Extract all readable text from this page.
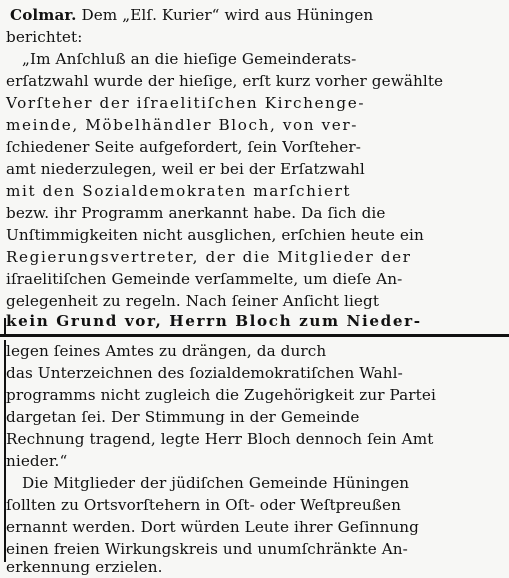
Colmar. Dem „Elſ. Kurier“ wird aus Hüningen
berichtet:
„Im Anſchluß an die hieſige Gemeinderats-
erſatzwahl wurde der hieſige, erſt kurz vorher gewählte
Vorſteher der iſraelitiſchen Kirchenge-
meinde, Möbelhändler Bloch, von ver-
ſchiedener Seite aufgefordert, ſein Vorſteher-
amt niederzulegen, weil er bei der Erſatzwahl
mit den Sozialdemokraten marſchiert
bezw. ihr Programm anerkannt habe. Da ſich die
Unſtimmigkeiten nicht ausglichen, erſchien heute ein
Regierungsvertreter, der die Mitglieder der
iſraelitiſchen Gemeinde verſammelte, um dieſe An-
gelegenheit zu regeln. Nach ſeiner Anſicht liegt
kein Grund vor, Herrn Bloch zum Nieder-
legen ſeines Amtes zu drängen, da durch
das Unterzeichnen des ſozialdemokratiſchen Wahl-
programms nicht zugleich die Zugehörigkeit zur Partei
dargetan ſei. Der Stimmung in der Gemeinde
Rechnung tragend, legte Herr Bloch dennoch ſein Amt
nieder.“
Die Mitglieder der jüdiſchen Gemeinde Hüningen
ſollten zu Ortsvorſtehern in Oſt- oder Weſtpreußen
ernannt werden. Dort würden Leute ihrer Geſinnung
einen freien Wirkungskreis und unumſchränkte An-
erkennung erzielen.
